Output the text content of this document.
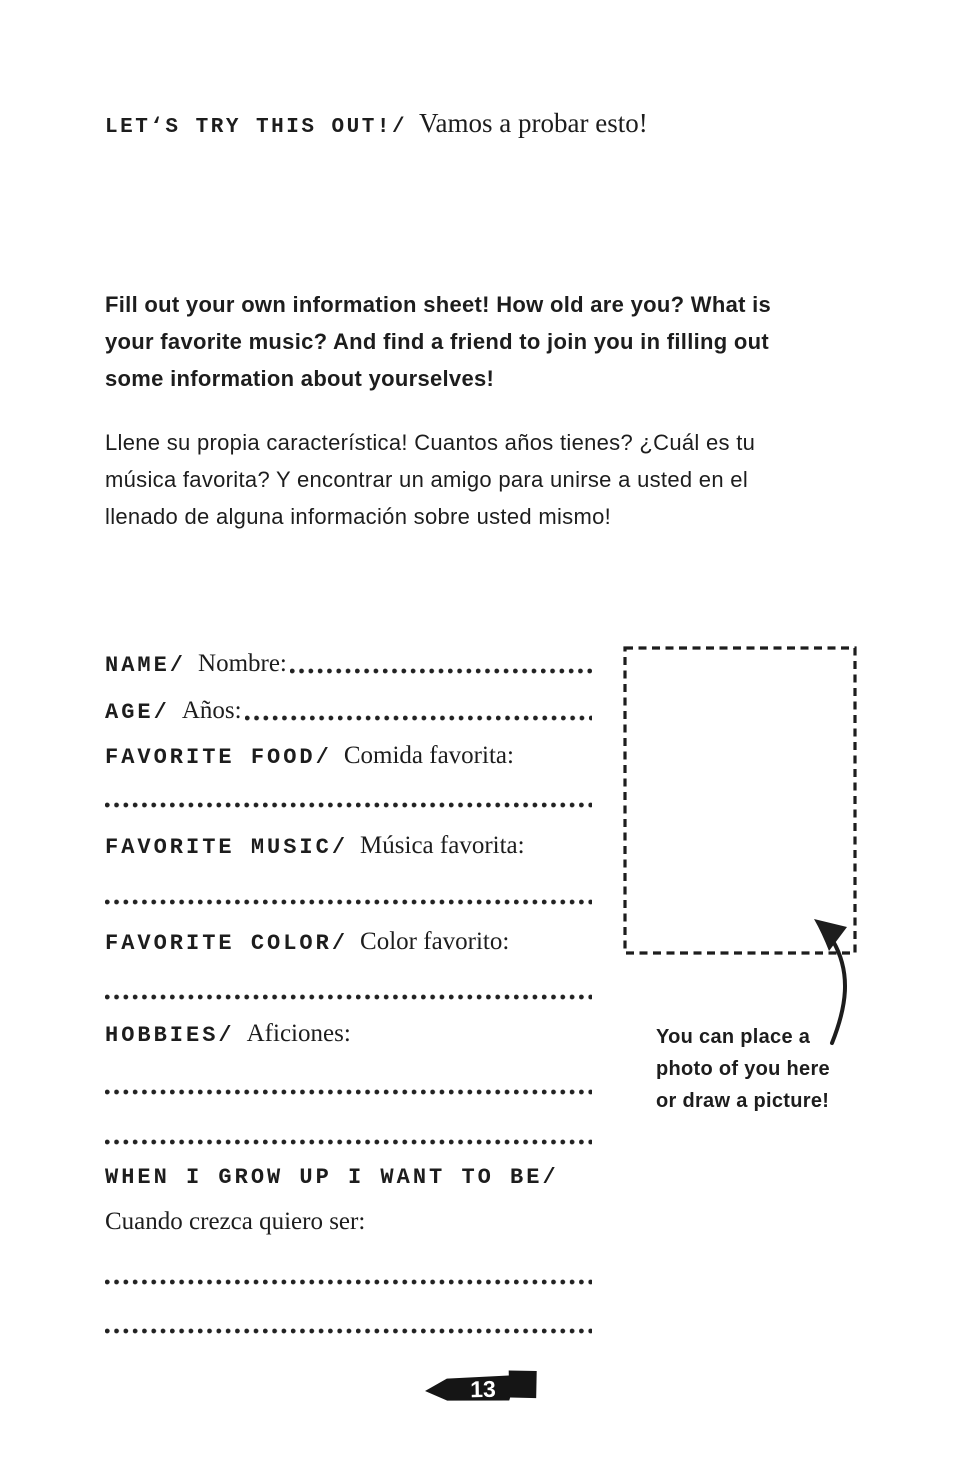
LET‘S TRY THIS OUT!/ Vamos a probar esto!
Fill out your own information sheet! How old are you? What is
your favorite music? And find a friend to join you in filling out
some information about yourselves!
Llene su propia característica! Cuantos años tienes? ¿Cuál es tu
música favorita? Y encontrar un amigo para unirse a usted en el
llenado de alguna información sobre usted mismo!
NAME/ Nombre:
AGE/ Años:
FAVORITE FOOD/ Comida favorita:
FAVORITE MUSIC/ Música favorita:
FAVORITE COLOR/ Color favorito:
HOBBIES/ Aficiones:
WHEN I GROW UP I WANT TO BE/
Cuando crezca quiero ser:
You can place a
photo of you here
or draw a picture!
13
